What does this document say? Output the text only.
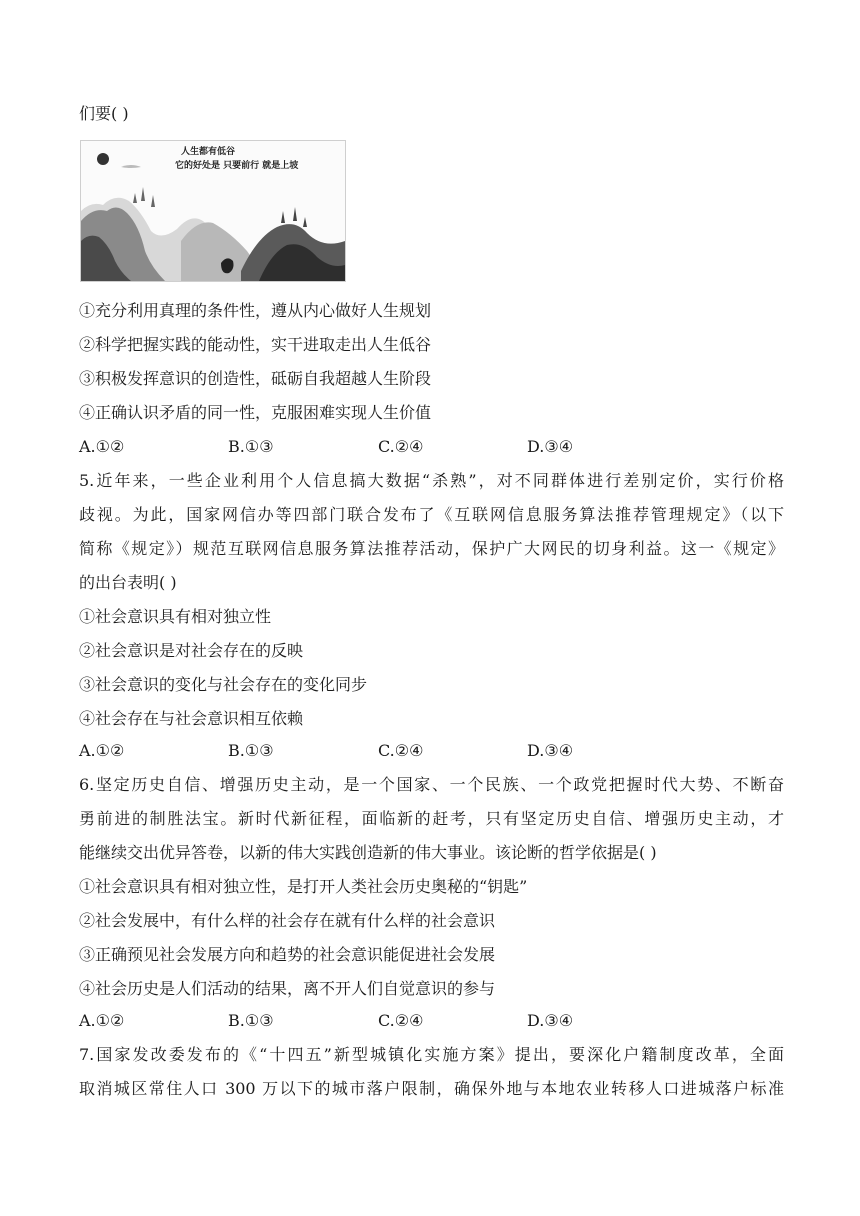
们要( )
人生都有低谷
它的好处是 只要前行 就是上坡
①充分利用真理的条件性，遵从内心做好人生规划
②科学把握实践的能动性，实干进取走出人生低谷
③积极发挥意识的创造性，砥砺自我超越人生阶段
④正确认识矛盾的同一性，克服困难实现人生价值
A.①②	B.①③	C.②④	D.③④
5.近年来，一些企业利用个人信息搞大数据“杀熟”，对不同群体进行差别定价，实行价格
歧视。为此，国家网信办等四部门联合发布了《互联网信息服务算法推荐管理规定》（以下
简称《规定》）规范互联网信息服务算法推荐活动，保护广大网民的切身利益。这一《规定》
的出台表明( )
①社会意识具有相对独立性
②社会意识是对社会存在的反映
③社会意识的变化与社会存在的变化同步
④社会存在与社会意识相互依赖
A.①②	B.①③	C.②④	D.③④
6.坚定历史自信、增强历史主动，是一个国家、一个民族、一个政党把握时代大势、不断奋
勇前进的制胜法宝。新时代新征程，面临新的赶考，只有坚定历史自信、增强历史主动，才
能继续交出优异答卷，以新的伟大实践创造新的伟大事业。该论断的哲学依据是( )
①社会意识具有相对独立性，是打开人类社会历史奥秘的“钥匙”
②社会发展中，有什么样的社会存在就有什么样的社会意识
③正确预见社会发展方向和趋势的社会意识能促进社会发展
④社会历史是人们活动的结果，离不开人们自觉意识的参与
A.①②	B.①③	C.②④	D.③④
7.国家发改委发布的《“十四五”新型城镇化实施方案》提出，要深化户籍制度改革，全面
取消城区常住人口 300 万以下的城市落户限制，确保外地与本地农业转移人口进城落户标准
